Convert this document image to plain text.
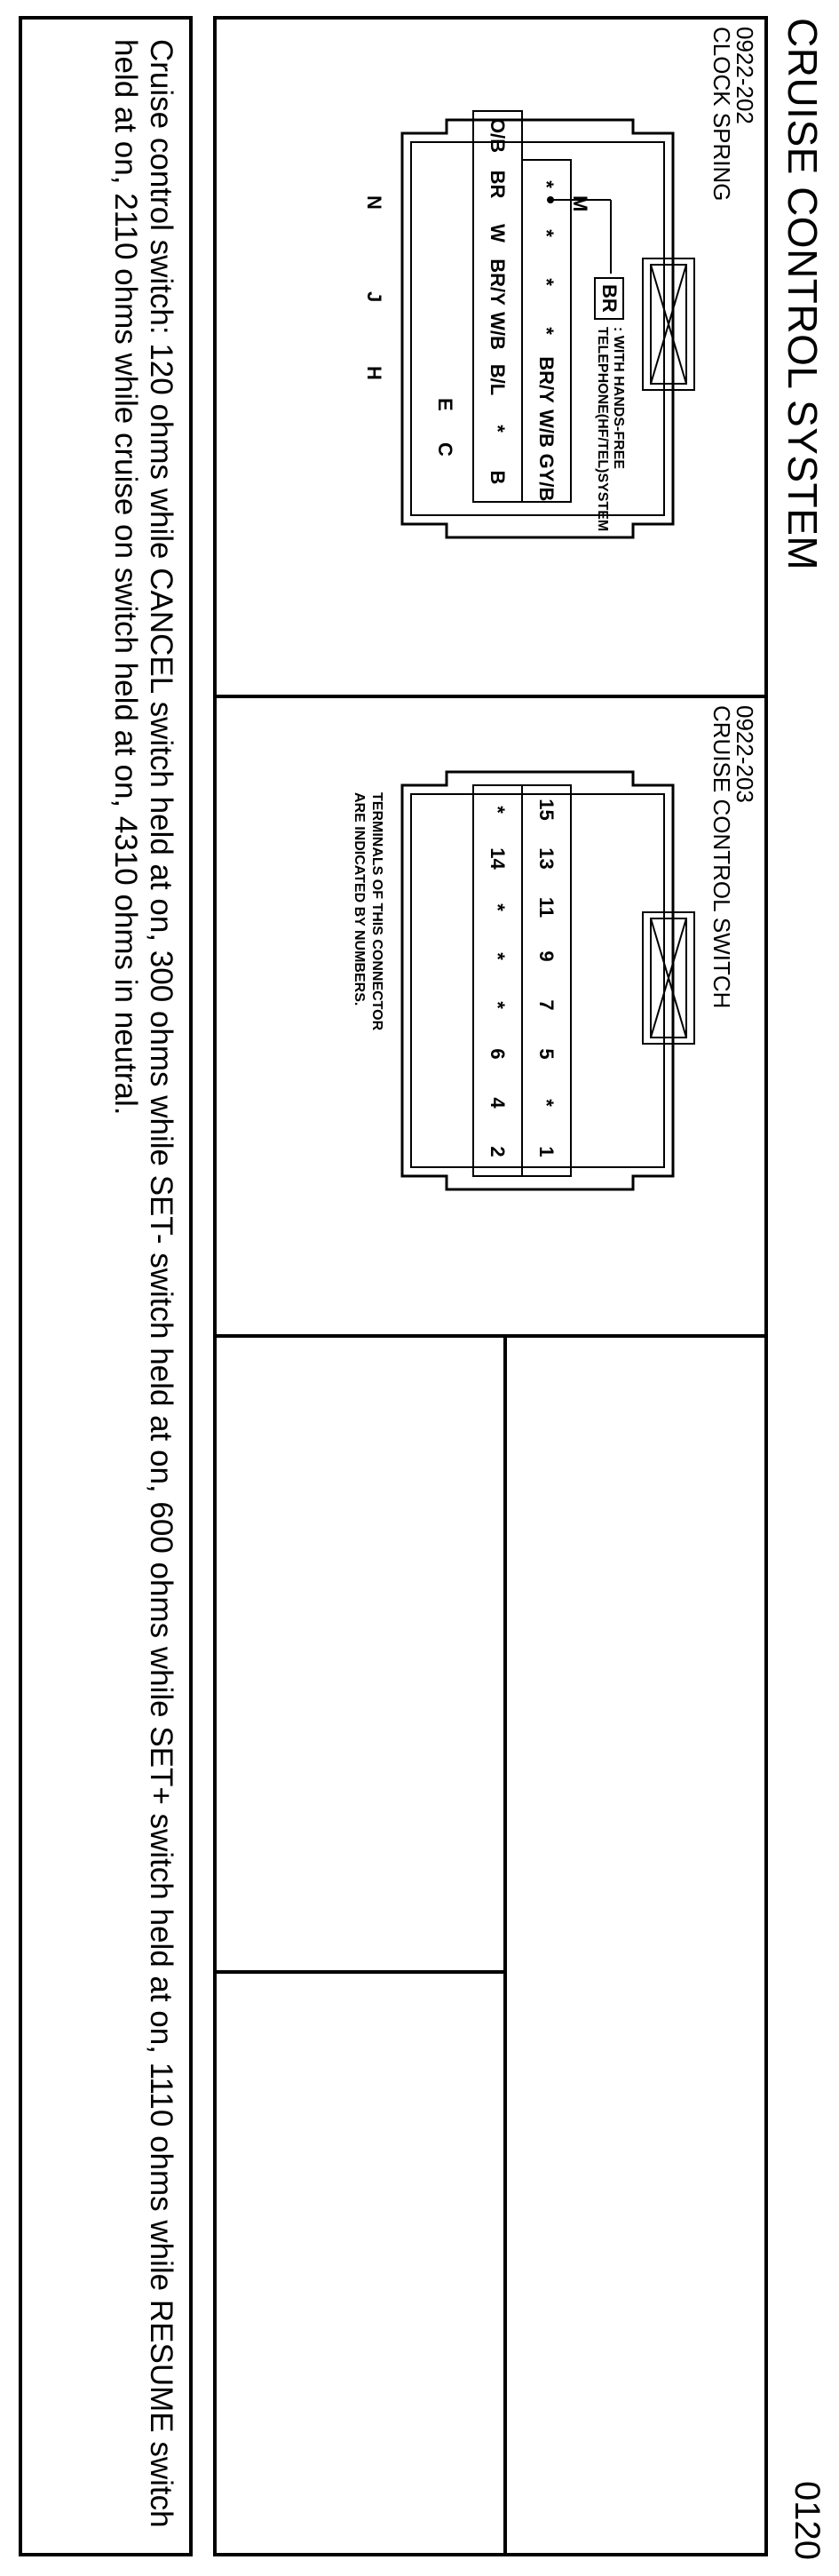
CRUISE CONTROL SYSTEM
0120
0922-202
CLOCK SPRING
BR
: WITH HANDS-FREE
TELEPHONE(HF/TEL)SYSTEM
M
E
C
N
J
H
GY/B
W/B
BR/Y
*
*
*
*
B
*
B/L
W/B
BR/Y
W
BR
O/B
0922-203
CRUISE CONTROL SWITCH
1
*
5
7
9
11
13
15
2
4
6
*
*
*
14
*
TERMINALS OF THIS CONNECTOR
ARE INDICATED BY NUMBERS.
Cruise control switch: 120 ohms while CANCEL switch held at on, 300 ohms while SET- switch held at on, 600 ohms while SET+ switch held at on, 1110 ohms while RESUME switch held at on, 2110 ohms while cruise on switch held at on, 4310 ohms in neutral.
